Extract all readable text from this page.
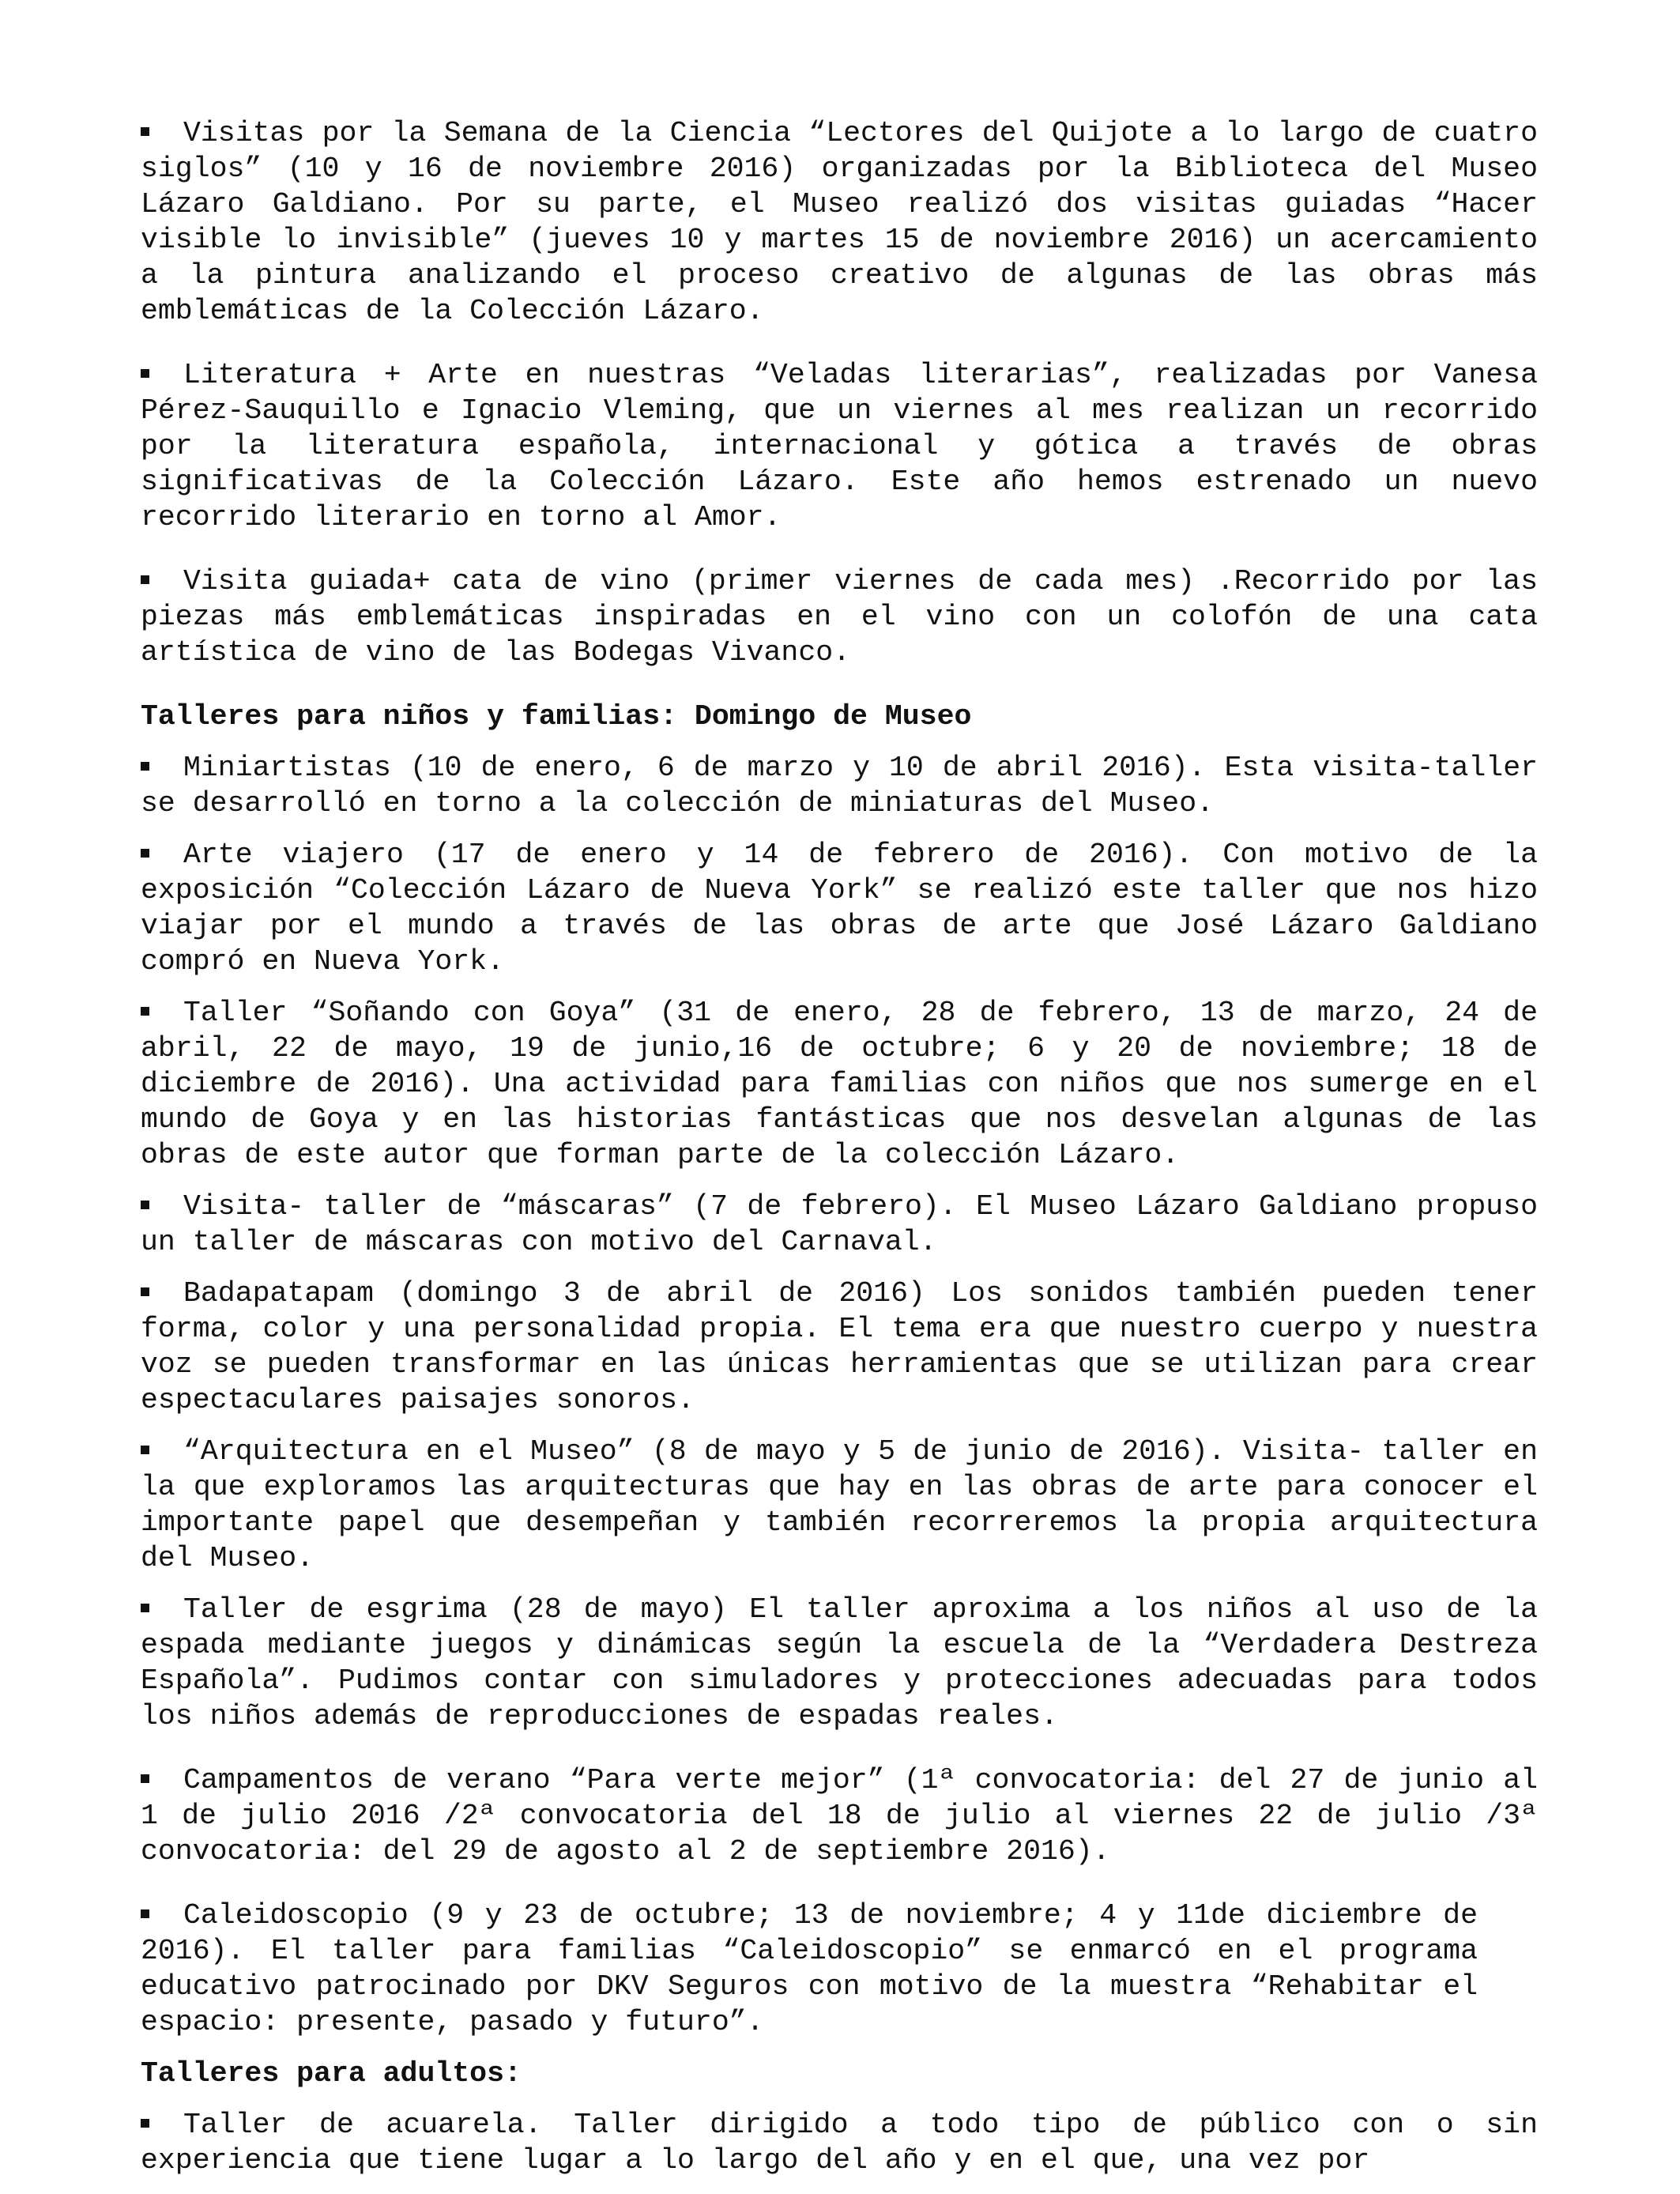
Visitas por la Semana de la Ciencia “Lectores del Quijote a lo largo de cuatro siglos” (10 y 16 de noviembre 2016) organizadas por la Biblioteca del Museo Lázaro Galdiano. Por su parte, el Museo realizó dos visitas guiadas “Hacer visible lo invisible” (jueves 10 y martes 15 de noviembre 2016) un acercamiento a la pintura analizando el proceso creativo de algunas de las obras más emblemáticas de la Colección Lázaro.

Literatura + Arte en nuestras “Veladas literarias”, realizadas por Vanesa Pérez-Sauquillo e Ignacio Vleming, que un viernes al mes realizan un recorrido por la literatura española, internacional y gótica a través de obras significativas de la Colección Lázaro. Este año hemos estrenado un nuevo recorrido literario en torno al Amor.

Visita guiada+ cata de vino (primer viernes de cada mes) .Recorrido por las piezas más emblemáticas inspiradas en el vino con un colofón de una cata artística de vino de las Bodegas Vivanco.

Talleres para niños y familias: Domingo de Museo

Miniartistas (10 de enero, 6 de marzo y 10 de abril 2016). Esta visita-taller se desarrolló en torno a la colección de miniaturas del Museo.

Arte viajero (17 de enero y 14 de febrero de 2016). Con motivo de la exposición “Colección Lázaro de Nueva York” se realizó este taller que nos hizo viajar por el mundo a través de las obras de arte que José Lázaro Galdiano compró en Nueva York.

Taller “Soñando con Goya” (31 de enero, 28 de febrero, 13 de marzo, 24 de abril, 22 de mayo, 19 de junio,16 de octubre; 6 y 20 de noviembre; 18 de diciembre de 2016). Una actividad para familias con niños que nos sumerge en el mundo de Goya y en las historias fantásticas que nos desvelan algunas de las obras de este autor que forman parte de la colección Lázaro.

Visita- taller de “máscaras” (7 de febrero). El Museo Lázaro Galdiano propuso un taller de máscaras con motivo del Carnaval.

Badapatapam (domingo 3 de abril de 2016) Los sonidos también pueden tener forma, color y una personalidad propia. El tema era que nuestro cuerpo y nuestra voz se pueden transformar en las únicas herramientas que se utilizan para crear espectaculares paisajes sonoros.

“Arquitectura en el Museo” (8 de mayo y 5 de junio de 2016). Visita- taller en la que exploramos las arquitecturas que hay en las obras de arte para conocer el importante papel que desempeñan y también recorreremos la propia arquitectura del Museo.

Taller de esgrima (28 de mayo) El taller aproxima a los niños al uso de la espada mediante juegos y dinámicas según la escuela de la “Verdadera Destreza Española”. Pudimos contar con simuladores y protecciones adecuadas para todos los niños además de reproducciones de espadas reales.

Campamentos de verano “Para verte mejor” (1ª convocatoria: del 27 de junio al 1 de julio 2016 /2ª convocatoria del 18 de julio al viernes 22 de julio /3ª convocatoria: del 29 de agosto al 2 de septiembre 2016).

Caleidoscopio (9 y 23 de octubre; 13 de noviembre; 4 y 11de diciembre de 2016). El taller para familias “Caleidoscopio” se enmarcó en el programa educativo patrocinado por DKV Seguros con motivo de la muestra “Rehabitar el espacio: presente, pasado y futuro”.

Talleres para adultos:

Taller de acuarela. Taller dirigido a todo tipo de público con o sin experiencia que tiene lugar a lo largo del año y en el que, una vez por
